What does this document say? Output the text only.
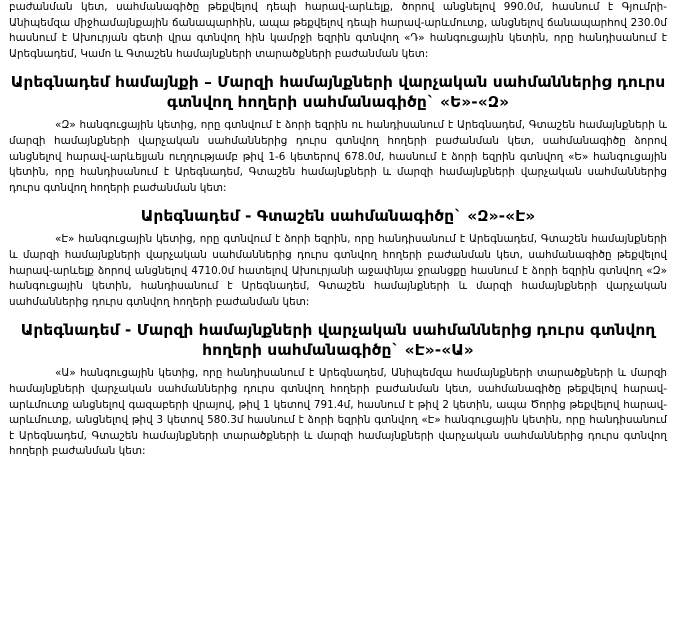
բաժանման կետ, սահմանագիծը թեքվելով դեպի հարավ-արևելք, ծորով անցնելով 990.0մ, հասնում է Գյումրի-Անիպեմզա միջհամայնքային ճանապարհին, ապա թեքվելով դեպի հարավ-արևմուտք, անցնելով ճանապարհով 230.0մ հասնում է Ախուրյան գետի վրա գտնվող հին կամրջի եզրին գտնվող «Դ» հանգուցային կետին, որը հանդիսանում է Արեգնադեմ, Կամո և Գտաշեն համայնքների տարածքների բաժանման կետ:

Արեգնադեմ համայնքի – Մարզի համայնքների վարչական սահմաններից դուրս գտնվող հողերի սահմանագիծը` «Ե»-«Զ»

«Զ» հանգուցային կետից, որը գտնվում է ձորի եզրին ու հանդիսանում է Արեգնադեմ, Գտաշեն համայնքների և մարզի համայնքների վարչական սահմաններից դուրս գտնվող հողերի բաժանման կետ, սահմանագիծը ձորով անցնելով հարավ-արևելյան ուղղությամբ թիվ 1-6 կետերով 678.0մ, հասնում է ձորի եզրին գտնվող «Ե» հանգուցային կետին, որը հանդիսանում է Արեգնադեմ, Գտաշեն համայնքների և մարզի համայնքների վարչական սահմաններից դուրս գտնվող հողերի բաժանման կետ:

Արեգնադեմ - Գտաշեն սահմանագիծը` «Զ»-«Է»

«Է» հանգուցային կետից, որը գտնվում է ձորի եզրին, որը հանդիսանում է Արեգնադեմ, Գտաշեն համայնքների և մարզի համայնքների վարչական սահմաններից դուրս գտնվող հողերի բաժանման կետ, սահմանագիծը թեքվելով հարավ-արևելք ձորով անցնելով 4710.0մ հատելով Ախուրյանի աջափնյա ջրանցքը հասնում է ձորի եզրին գտնվող «Զ» հանգուցային կետին, հանդիսանում է Արեգնադեմ, Գտաշեն համայնքների և մարզի համայնքների վարչական սահմաններից դուրս գտնվող հողերի բաժանման կետ:

Արեգնադեմ - Մարզի համայնքների վարչական սահմաններից դուրս գտնվող հողերի սահմանագիծը` «Է»-«Ա»

«Ա» հանգուցային կետից, որը հանդիսանում է Արեգնադեմ, Անիպեմզա համայնքների տարածքների և մարզի համայնքների վարչական սահմաններից դուրս գտնվող հողերի բաժանման կետ, սահմանագիծը թեքվելով հարավ-արևմուտք անցնելով գազաբերի վրայով, թիվ 1 կետով 791.4մ, հասնում է թիվ 2 կետին, ապա Ծորից թեքվելով հարավ-արևմուտք, անցնելով թիվ 3 կետով 580.3մ հասնում է ձորի եզրին գտնվող «Է» հանգուցային կետին, որը հանդիսանում է Արեգնադեմ, Գտաշեն համայնքների տարածքների և մարզի համայնքների վարչական սահմաններից դուրս գտնվող հողերի բաժանման կետ:
